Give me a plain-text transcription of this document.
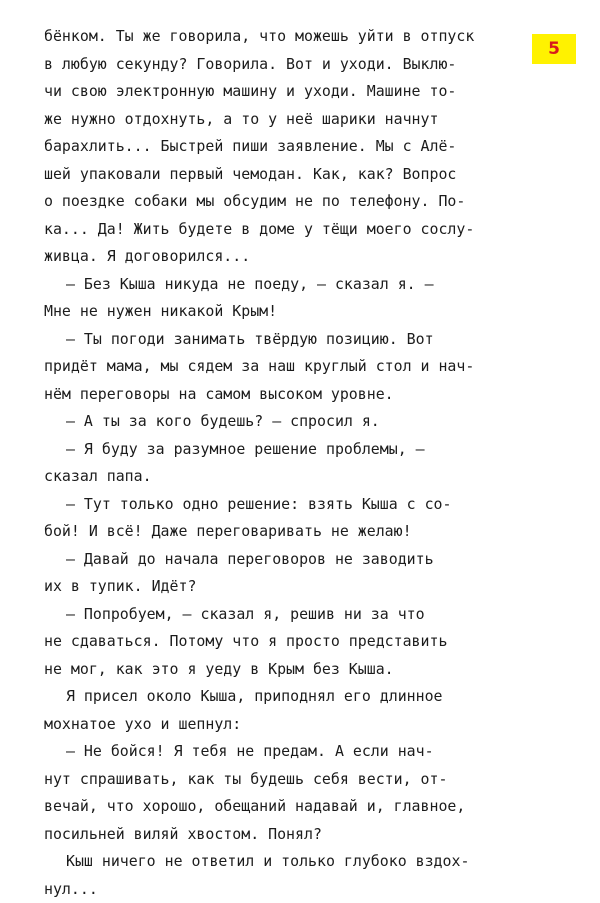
5
бёнком. Ты же говорила, что можешь уйти в отпуск
в любую секунду? Говорила. Вот и уходи. Выклю-
чи свою электронную машину и уходи. Машине то-
же нужно отдохнуть, а то у неё шарики начнут
барахлить... Быстрей пиши заявление. Мы с Алё-
шей упаковали первый чемодан. Как, как? Вопрос
о поездке собаки мы обсудим не по телефону. По-
ка... Да! Жить будете в доме у тёщи моего сослу-
живца. Я договорился...
— Без Кыша никуда не поеду, — сказал я. —
Мне не нужен никакой Крым!
— Ты погоди занимать твёрдую позицию. Вот
придёт мама, мы сядем за наш круглый стол и нач-
нём переговоры на самом высоком уровне.
— А ты за кого будешь? — спросил я.
— Я буду за разумное решение проблемы, —
сказал папа.
— Тут только одно решение: взять Кыша с со-
бой! И всё! Даже переговаривать не желаю!
— Давай до начала переговоров не заводить
их в тупик. Идёт?
— Попробуем, — сказал я, решив ни за что
не сдаваться. Потому что я просто представить
не мог, как это я уеду в Крым без Кыша.
Я присел около Кыша, приподнял его длинное
мохнатое ухо и шепнул:
— Не бойся! Я тебя не предам. А если нач-
нут спрашивать, как ты будешь себя вести, от-
вечай, что хорошо, обещаний надавай и, главное,
посильней виляй хвостом. Понял?
Кыш ничего не ответил и только глубоко вздох-
нул...
